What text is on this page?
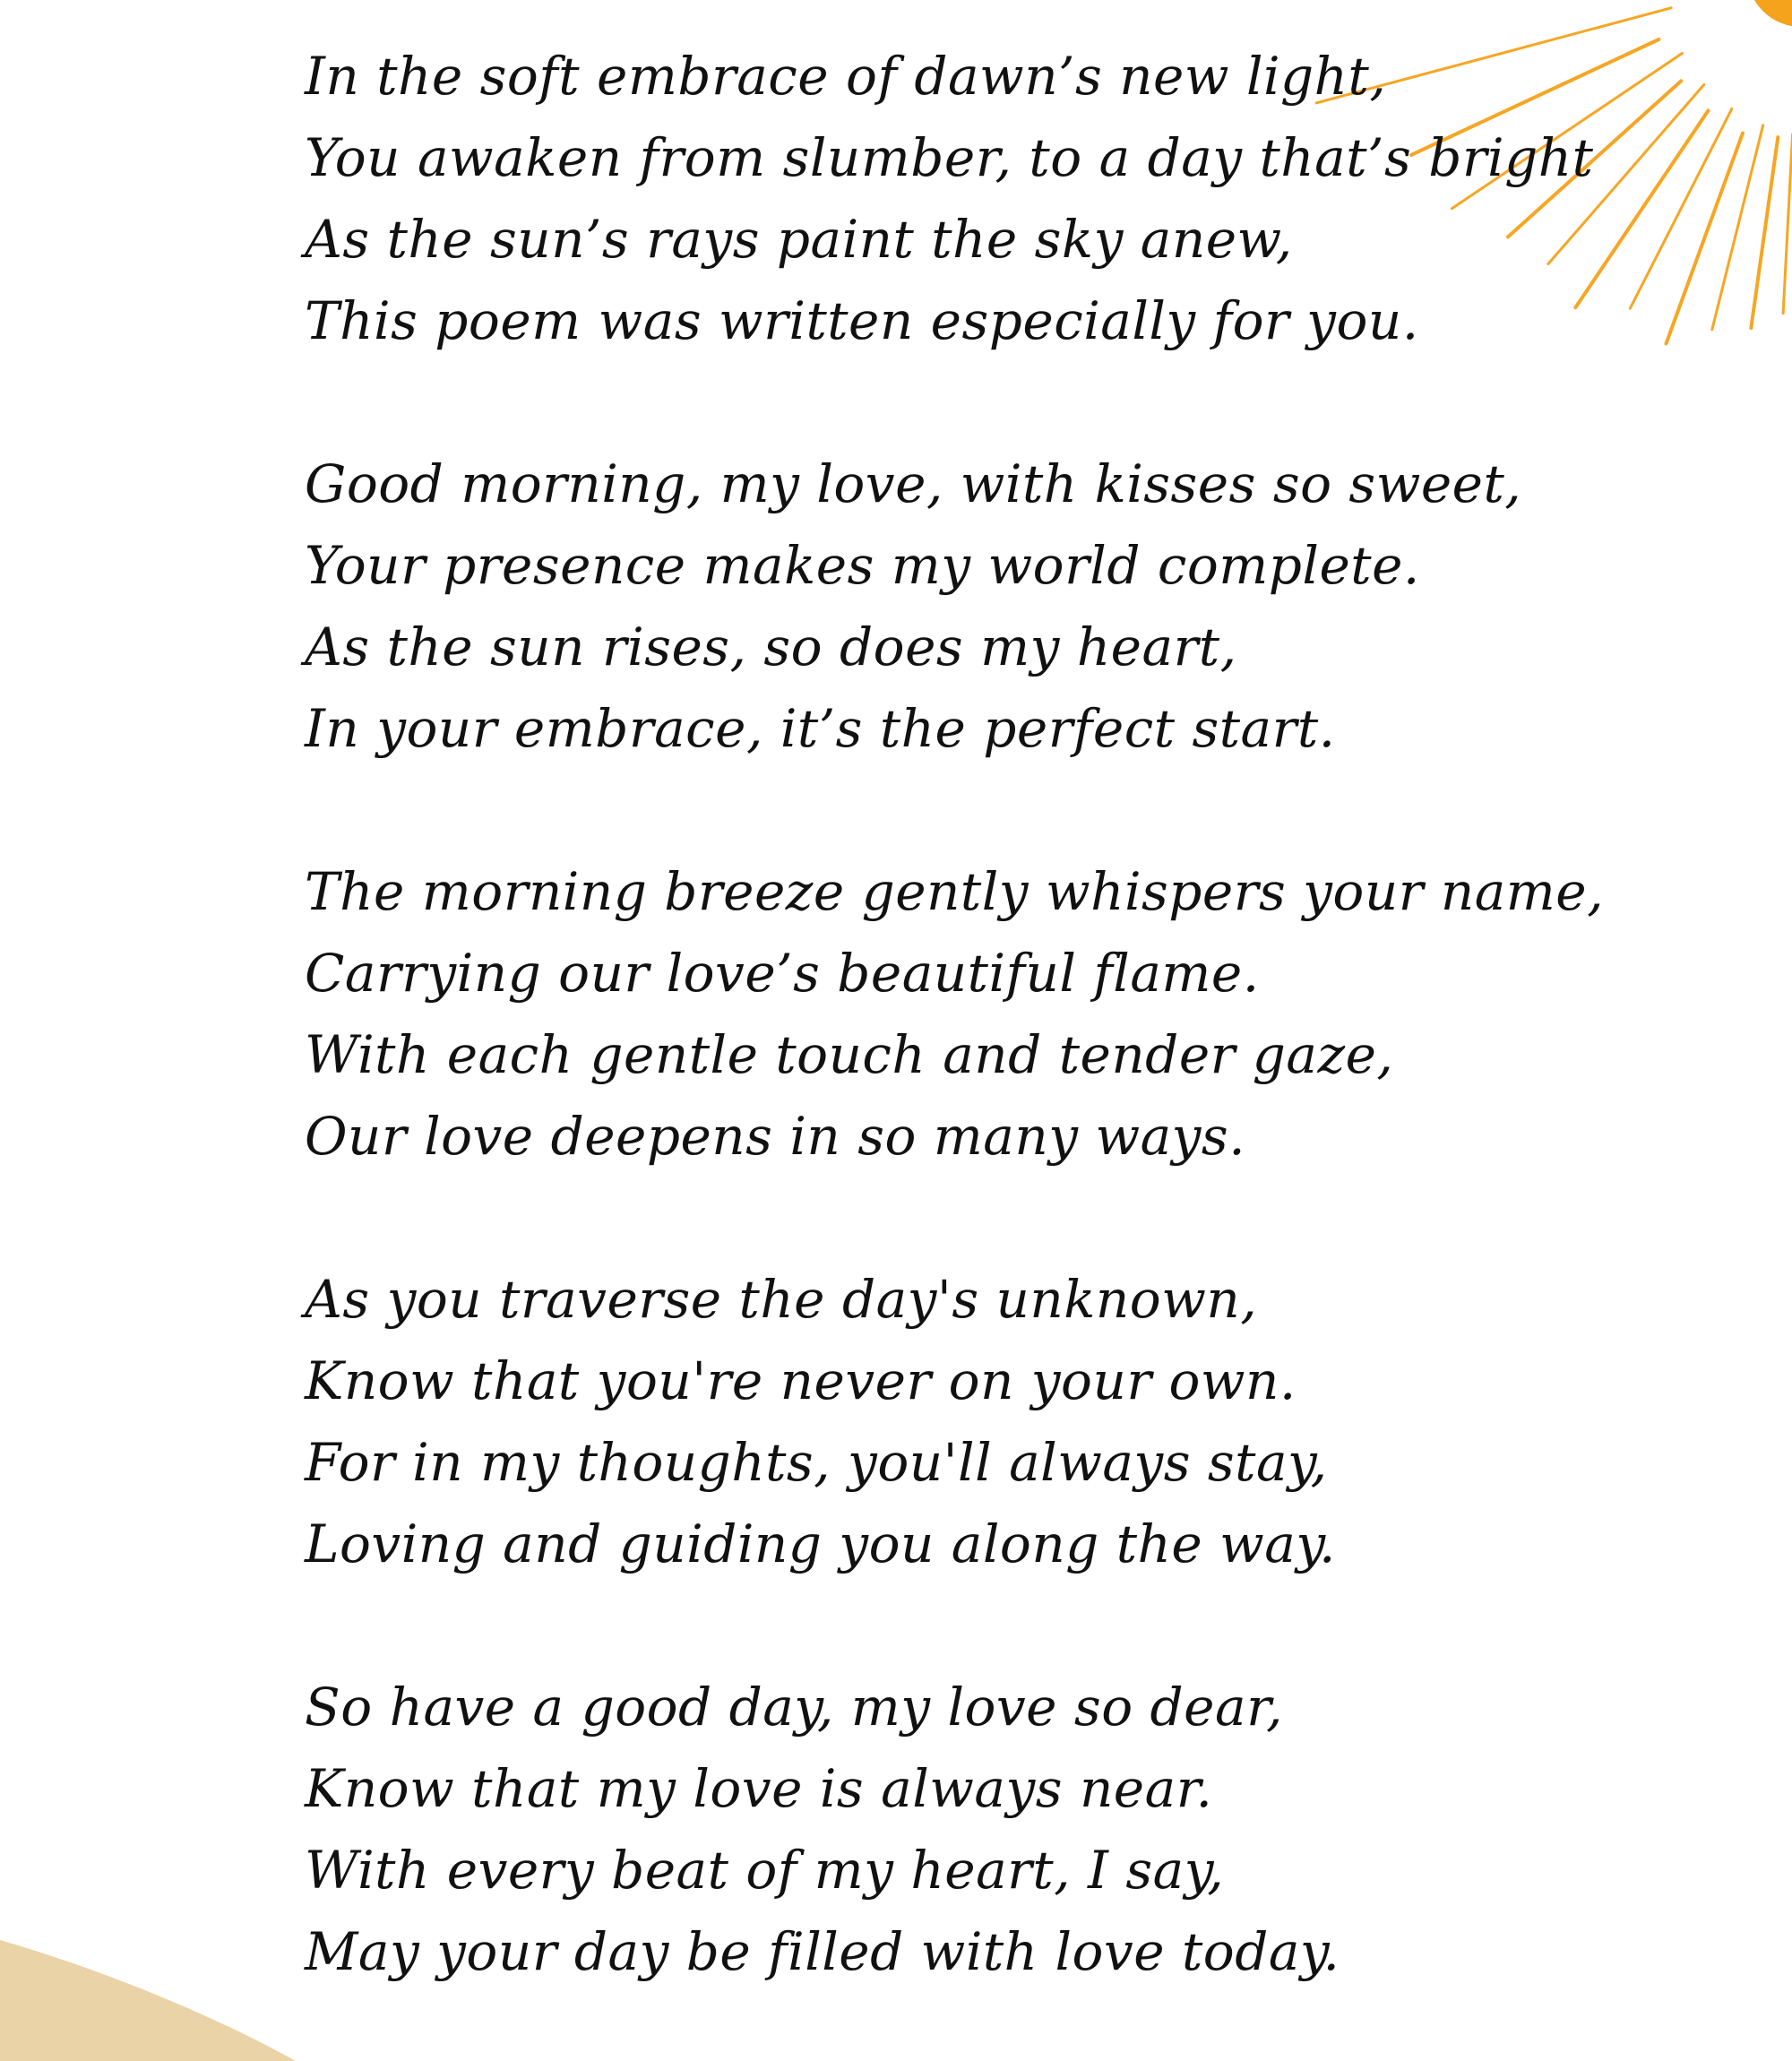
In the soft embrace of dawn’s new light,
You awaken from slumber, to a day that’s bright
As the sun’s rays paint the sky anew,
This poem was written especially for you.
Good morning, my love, with kisses so sweet,
Your presence makes my world complete.
As the sun rises, so does my heart,
In your embrace, it’s the perfect start.
The morning breeze gently whispers your name,
Carrying our love’s beautiful flame.
With each gentle touch and tender gaze,
Our love deepens in so many ways.
As you traverse the day's unknown,
Know that you're never on your own.
For in my thoughts, you'll always stay,
Loving and guiding you along the way.
So have a good day, my love so dear,
Know that my love is always near.
With every beat of my heart, I say,
May your day be filled with love today.
